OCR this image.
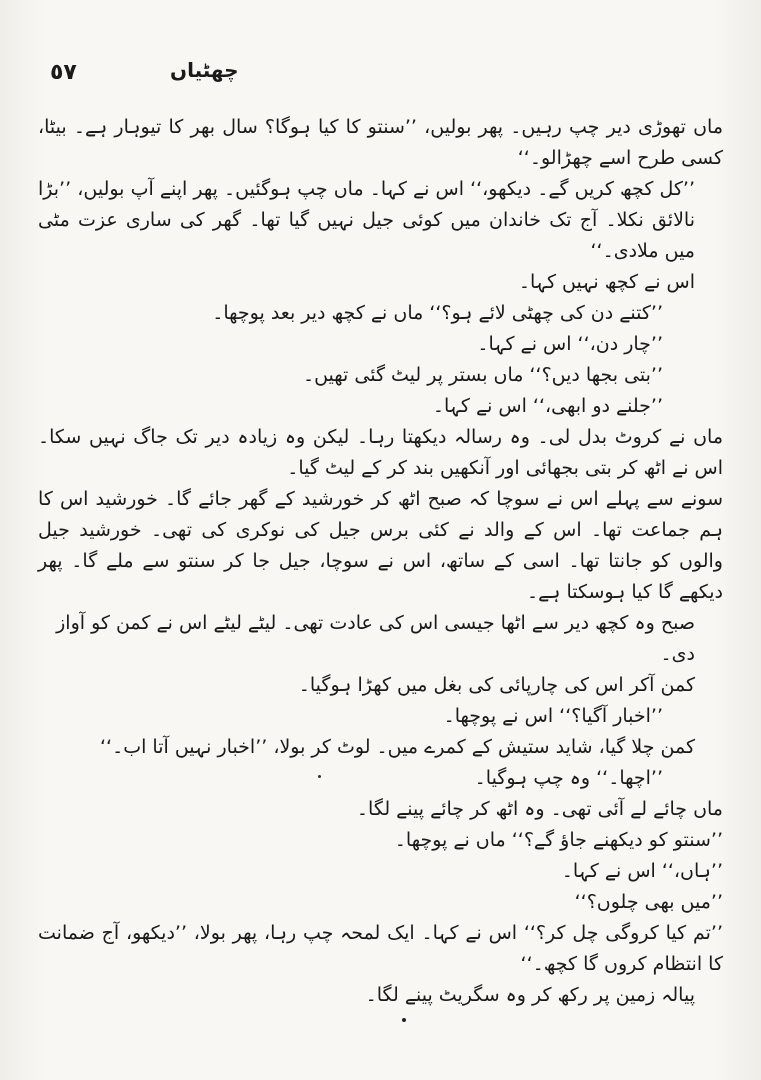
٥٧	چھٹیاں

ماں تھوڑی دیر چپ رہیں۔ پھر بولیں، ’’سنتو کا کیا ہوگا؟ سال بھر کا تیوہار ہے۔ بیٹا، کسی طرح اسے چھڑالو۔‘‘

’’کل کچھ کریں گے۔ دیکھو،‘‘ اس نے کہا۔ ماں چپ ہوگئیں۔ پھر اپنے آپ بولیں، ’’بڑا نالائق نکلا۔ آج تک خاندان میں کوئی جیل نہیں گیا تھا۔ گھر کی ساری عزت مٹی میں ملادی۔‘‘

اس نے کچھ نہیں کہا۔

’’کتنے دن کی چھٹی لائے ہو؟‘‘ ماں نے کچھ دیر بعد پوچھا۔

’’چار دن،‘‘ اس نے کہا۔

’’بتی بجھا دیں؟‘‘ ماں بستر پر لیٹ گئی تھیں۔

’’جلنے دو ابھی،‘‘ اس نے کہا۔

ماں نے کروٹ بدل لی۔ وہ رسالہ دیکھتا رہا۔ لیکن وہ زیادہ دیر تک جاگ نہیں سکا۔ اس نے اٹھ کر بتی بجھائی اور آنکھیں بند کر کے لیٹ گیا۔

سونے سے پہلے اس نے سوچا کہ صبح اٹھ کر خورشید کے گھر جائے گا۔ خورشید اس کا ہم جماعت تھا۔ اس کے والد نے کئی برس جیل کی نوکری کی تھی۔ خورشید جیل والوں کو جانتا تھا۔ اسی کے ساتھ، اس نے سوچا، جیل جا کر سنتو سے ملے گا۔ پھر دیکھے گا کیا ہوسکتا ہے۔

صبح وہ کچھ دیر سے اٹھا جیسی اس کی عادت تھی۔ لیٹے لیٹے اس نے کمن کو آواز دی۔

کمن آکر اس کی چارپائی کی بغل میں کھڑا ہوگیا۔

’’اخبار آگیا؟‘‘ اس نے پوچھا۔

کمن چلا گیا، شاید ستیش کے کمرے میں۔ لوٹ کر بولا، ’’اخبار نہیں آتا اب۔‘‘

’’اچھا۔‘‘ وہ چپ ہوگیا۔

ماں چائے لے آئی تھی۔ وہ اٹھ کر چائے پینے لگا۔

’’سنتو کو دیکھنے جاؤ گے؟‘‘ ماں نے پوچھا۔

’’ہاں،‘‘ اس نے کہا۔

’’میں بھی چلوں؟‘‘

’’تم کیا کروگی چل کر؟‘‘ اس نے کہا۔ ایک لمحہ چپ رہا، پھر بولا، ’’دیکھو، آج ضمانت کا انتظام کروں گا کچھ۔‘‘

پیالہ زمین پر رکھ کر وہ سگریٹ پینے لگا۔
